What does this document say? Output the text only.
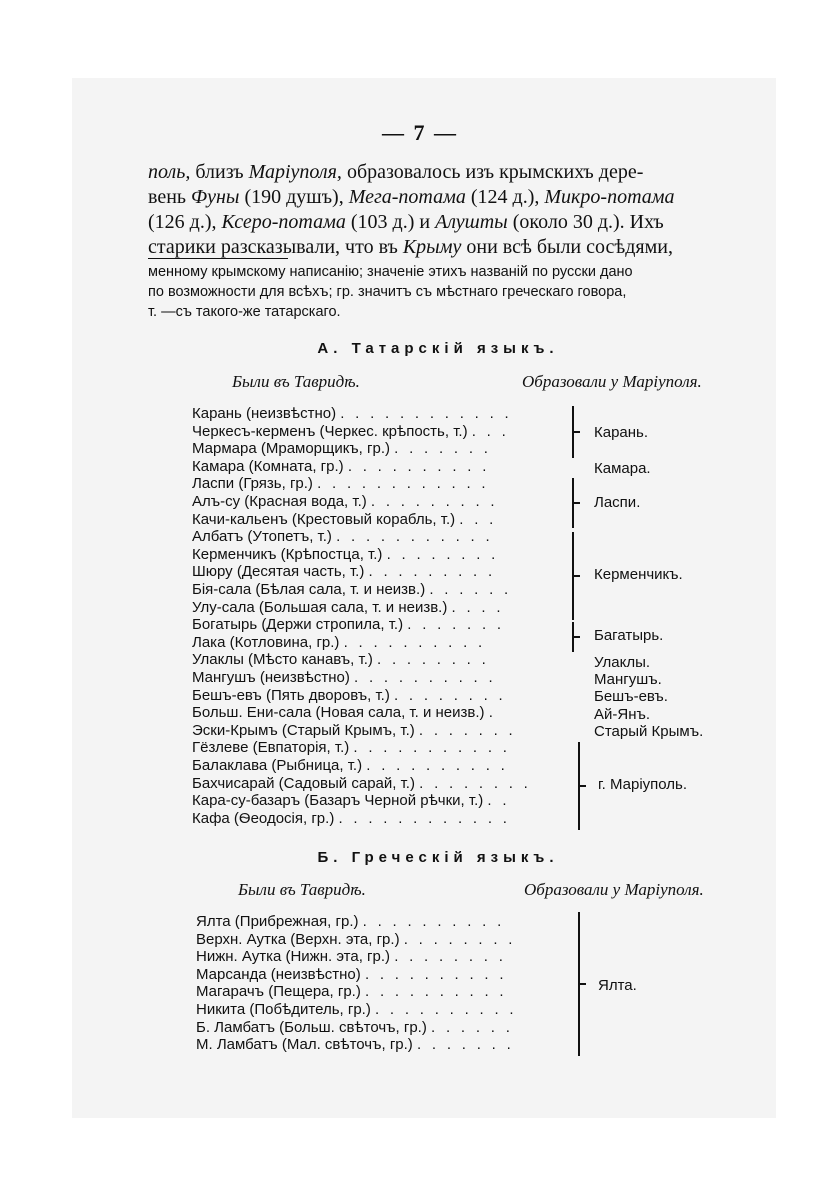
— 7 —
поль, близъ Маріуполя, образовалось изъ крымскихъ дере-
вень Фуны (190 душъ), Мега-потама (124 д.), Микро-потама
(126 д.), Ксеро-потама (103 д.) и Алушты (около 30 д.). Ихъ
старики разсказывали, что въ Крыму они всѣ были сосѣдями,
менному крымскому написанію; значеніе этихъ названій по русски дано
по возможности для всѣхъ; гр. значитъ съ мѣстнаго греческаго говора,
т. —съ такого-же татарскаго.
А. Татарскій языкъ.
Были въ Тавридѣ.	Образовали у Маріуполя.
Карань (неизвѣстно) . . . . . . . . . . . .
Черкесъ-керменъ (Черкес. крѣпость, т.) . . .
Мармара (Мраморщикъ, гр.) . . . . . . .
Камара (Комната, гр.) . . . . . . . . . .
Ласпи (Грязь, гр.) . . . . . . . . . . . .
Алъ-су (Красная вода, т.) . . . . . . . . .
Качи-кальенъ (Крестовый корабль, т.) . . .
Албатъ (Утопетъ, т.) . . . . . . . . . . .
Керменчикъ (Крѣпостца, т.) . . . . . . . .
Шюру (Десятая часть, т.) . . . . . . . . .
Бія-сала (Бѣлая сала, т. и неизв.) . . . . . .
Улу-сала (Большая сала, т. и неизв.) . . . .
Богатырь (Держи стропила, т.) . . . . . . .
Лака (Котловина, гр.) . . . . . . . . . .
Улаклы (Мѣсто канавъ, т.) . . . . . . . .
Мангушъ (неизвѣстно) . . . . . . . . . .
Бешъ-евъ (Пять дворовъ, т.) . . . . . . . .
Больш. Ени-сала (Новая сала, т. и неизв.) .
Эски-Крымъ (Старый Крымъ, т.) . . . . . . .
Гёзлеве (Евпаторія, т.) . . . . . . . . . . .
Балаклава (Рыбница, т.) . . . . . . . . . .
Бахчисарай (Садовый сарай, т.) . . . . . . . .
Кара-су-базаръ (Базаръ Черной рѣчки, т.) . .
Кафа (Ѳеодосія, гр.) . . . . . . . . . . . .
Карань.
Камара.
Ласпи.
Керменчикъ.
Багатырь.
Улаклы.
Мангушъ.
Бешъ-евъ.
Ай-Янъ.
Старый Крымъ.
г. Маріуполь.
Б. Греческій языкъ.
Были въ Тавридѣ.	Образовали у Маріуполя.
Ялта (Прибрежная, гр.) . . . . . . . . . .
Верхн. Аутка (Верхн. эта, гр.) . . . . . . . .
Нижн. Аутка (Нижн. эта, гр.) . . . . . . . .
Марсанда (неизвѣстно) . . . . . . . . . .
Магарачъ (Пещера, гр.) . . . . . . . . . .
Никита (Побѣдитель, гр.) . . . . . . . . . .
Б. Ламбатъ (Больш. свѣточъ, гр.) . . . . . .
М. Ламбатъ (Мал. свѣточъ, гр.) . . . . . . .
Ялта.
